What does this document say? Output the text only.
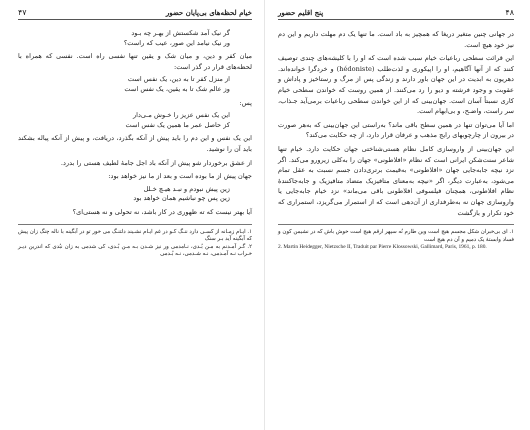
خیام لحظه‌های بی‌پایان حضور
۴۷
گر نیک آمد شکستش از بهـر چه بـود
ور نیک نیامد این صور، عیب که راست؟

میان کفر و دین، و میان شک و یقین تنها نفسی راه است. نفسی که همراه با لحظه‌های قرار در گذر است:

از منزل کفر تا به دین، یک نفس است
وز عالم شک تا به یقین، یک نفس است

پس:

این یک نفس عزیز را خـوش مـی‌دار
کز حاصل عمر ما همین یک نفس است

این یک نفس و این دم را باید پیش از آنکه بگذرد، دریافت، و پیش از آنکه پیاله بشکند باید آن را نوشید.

از عشق برخوردار شو پیش از آنکه باد اجل جامهٔ لطیف هستی را بدرد.

جهان پیش از ما بوده است و بعد از ما نیز خواهد بود:

زین پیش نبودم و نبـد هیـچ خـلل
زین پس چو نباشیم همان خواهد بود

آیا بهتر نیست که ته ظهوری در کار باشد، نه تحولی و نه هستی‌ای؟

۱. ایـام زمـانه از کسـی دارد ننـگ کـو در غم ایـام نشـیند دلتنـگ می خور تو در آبگینه با ناله چنگ زان پیش که آبگینه آید بـر سنگ

۲. گـر آمـدنم به مـن بُـدی، نـامدمی ور نیز شـدن بـه مـن بُـدی، کی شدمی به زان نبُدی که اندرین دیـر خـراب نـه آمـدمی، نـه شـدمی، نـه بُـدمی

۴۸
پنج اقلیم حضور

در جهانی چنین متغیر دریغا که همچیز به باد است. ما تنها یک دم مهلت داریم و این دم نیز خود هیچ است.

این قرائت سطحی رباعیات خیام سبب شده است که او را با کلیشه‌های چندی توصیف کنند که از آنها آگاهیم، او را اپیکوری و لذت‌طلب (hédoniste) و خردگرا خوانده‌اند. دهریون به ابدیت در این جهان باور دارند و زندگی پس از مرگ و رستاخیز و پاداش و عقوبت و وجود فرشته و دیو را رد می‌کنند. از همین روست که خواندن سطحی خیام کاری نسبتاً آسان است. جهان‌بینی که از این خواندن سطحی رباعیات برمی‌آید جـذاب، سر راست، واضـح، و بی‌ابهام است.

اما آیا می‌توان تنها در همین سطح باقی ماند؟ به‌راستی این جهان‌بینی که به‌هر صورت در بیرون از چارچوبهای رایج مذهب و عرفان قرار دارد، از چه حکایت می‌کند؟

این جهان‌بینی از واروسازی کامل نظام هستی‌شناختی جهان حکایت دارد. خیام تنها شاعر سنت‌شکن ایرانی است که نظام «افلاطونی» جهان را به‌کلی زیرورو می‌کند. اگر نزد نیچه جابه‌جایی جهان «افلاطونی» به‌قیمت برتری‌دادن جسم نسبت به عقل تمام می‌شود، به‌عبارت دیگر، اگر «نیچه به‌معنای متافیزیک متضاد متافیزیک و جابه‌جاکنندهٔ نظام افلاطونی، همچنان فیلسوفی افلاطونی باقی می‌ماند» نزد خیام جابه‌جایی یا واروسازی جهان نه به‌طرفداری از آن‌دهی است که از استمرار می‌گریزد، استمراری که خود تکرار و بازگشت

۱. ای بی‌خبران شکل مجسم هیچ است وین طارم نُه سپهر ارقم هیچ است خوش باش که در نشیمن کون و فساد وابستهٔ یک دمیم و آن دم هیچ است

2. Martin Heidegger, Nietzsche II, Traduit par Pierre Klossowski, Gallimard, Paris, 1961, p. 180.
